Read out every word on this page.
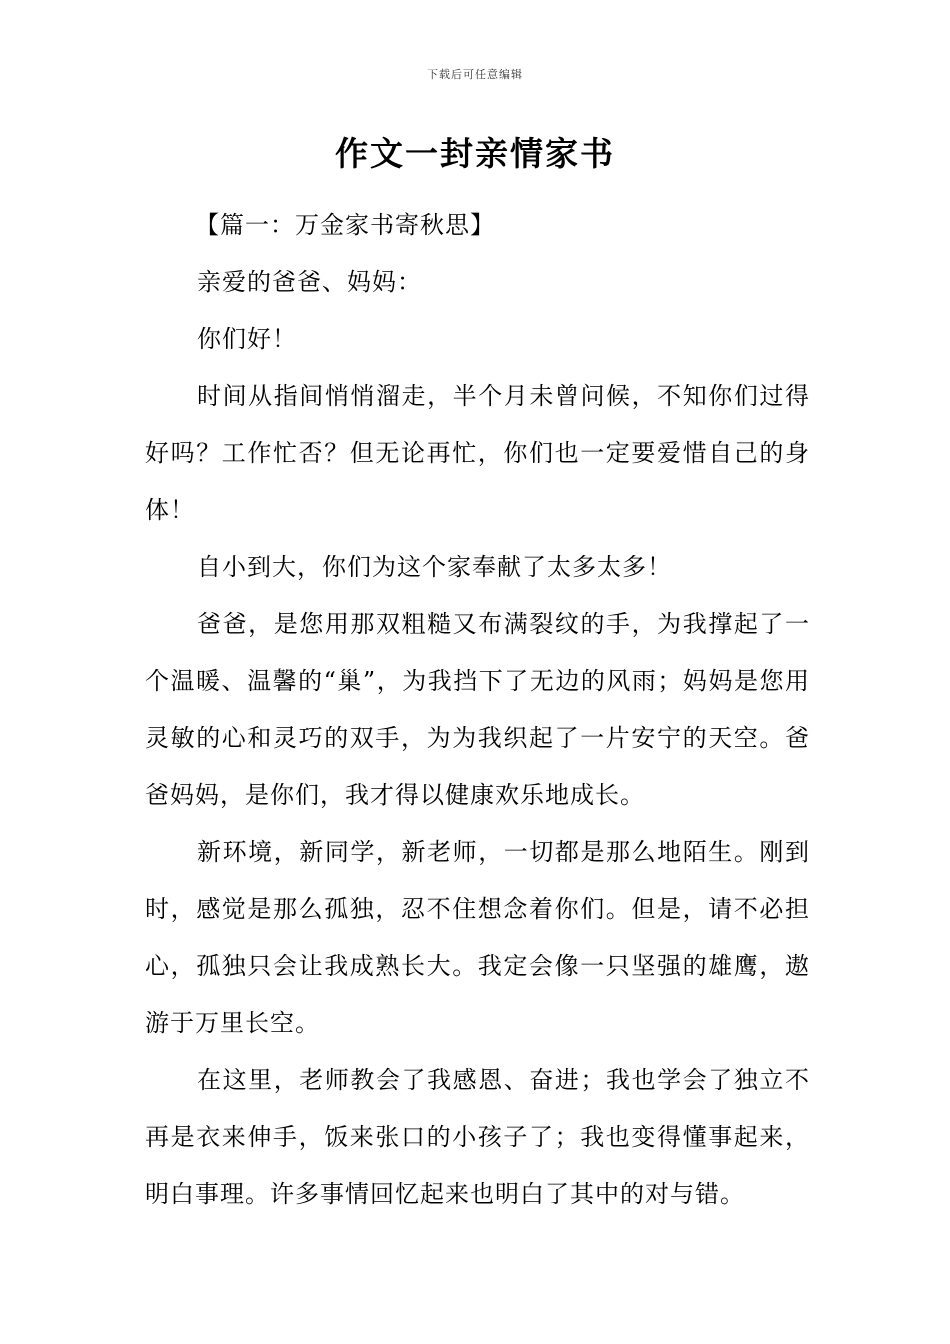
下载后可任意编辑
作文一封亲情家书

【篇一：万金家书寄秋思】

亲爱的爸爸、妈妈：

你们好！

时间从指间悄悄溜走，半个月未曾问候，不知你们过得好吗？工作忙否？但无论再忙，你们也一定要爱惜自己的身体！

自小到大，你们为这个家奉献了太多太多！

爸爸，是您用那双粗糙又布满裂纹的手，为我撑起了一个温暖、温馨的“巢”，为我挡下了无边的风雨；妈妈是您用灵敏的心和灵巧的双手，为为我织起了一片安宁的天空。爸爸妈妈，是你们，我才得以健康欢乐地成长。

新环境，新同学，新老师，一切都是那么地陌生。刚到时，感觉是那么孤独，忍不住想念着你们。但是，请不必担心，孤独只会让我成熟长大。我定会像一只坚强的雄鹰，遨游于万里长空。

在这里，老师教会了我感恩、奋进；我也学会了独立不再是衣来伸手，饭来张口的小孩子了；我也变得懂事起来，明白事理。许多事情回忆起来也明白了其中的对与错。
